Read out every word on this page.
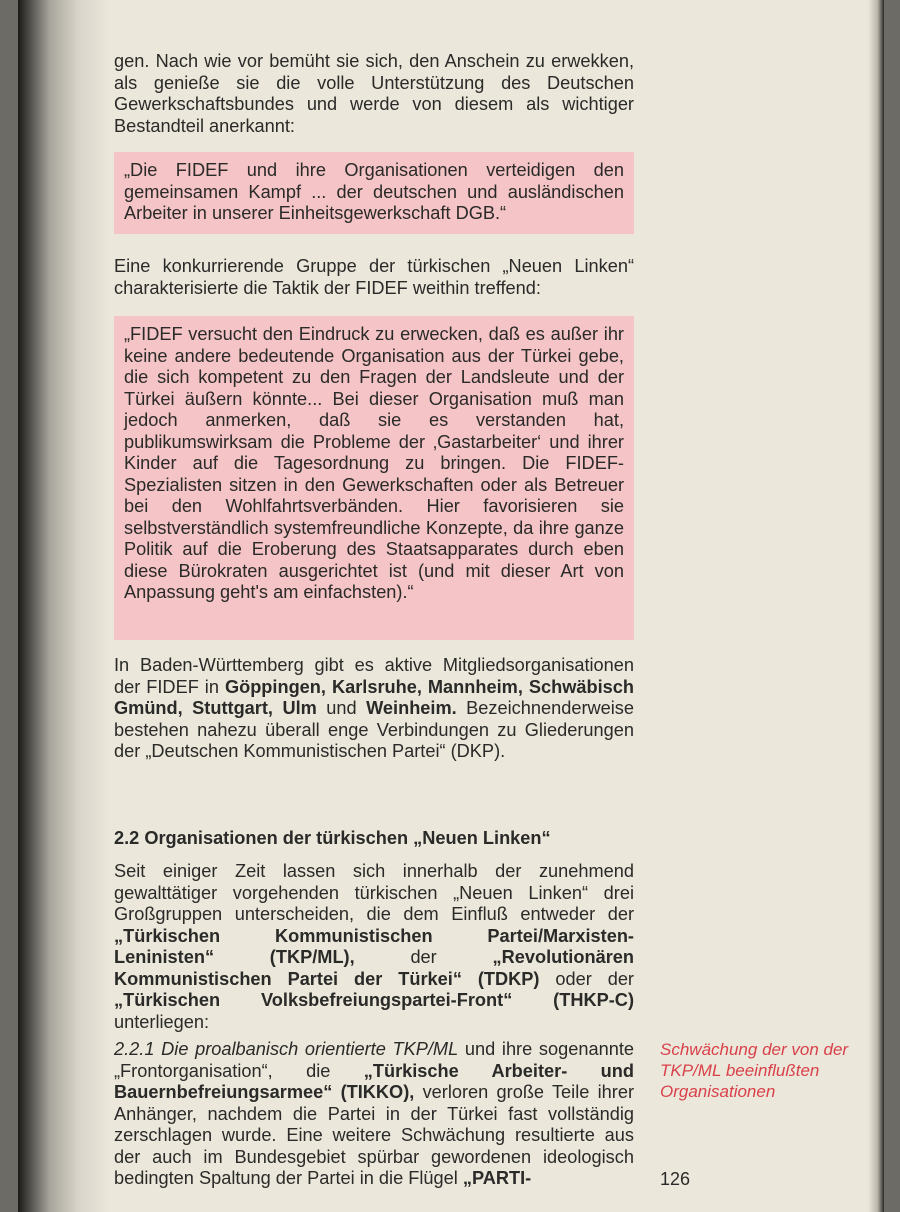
gen. Nach wie vor bemüht sie sich, den Anschein zu erwekken, als genieße sie die volle Unterstützung des Deutschen Gewerkschaftsbundes und werde von diesem als wichtiger Bestandteil anerkannt:

„Die FIDEF und ihre Organisationen verteidigen den gemeinsamen Kampf ... der deutschen und ausländischen Arbeiter in unserer Einheitsgewerkschaft DGB.“

Eine konkurrierende Gruppe der türkischen „Neuen Linken“ charakterisierte die Taktik der FIDEF weithin treffend:

„FIDEF versucht den Eindruck zu erwecken, daß es außer ihr keine andere bedeutende Organisation aus der Türkei gebe, die sich kompetent zu den Fragen der Landsleute und der Türkei äußern könnte... Bei dieser Organisation muß man jedoch anmerken, daß sie es verstanden hat, publikumswirksam die Probleme der ‚Gastarbeiter‘ und ihrer Kinder auf die Tagesordnung zu bringen. Die FIDEF-Spezialisten sitzen in den Gewerkschaften oder als Betreuer bei den Wohlfahrtsverbänden. Hier favorisieren sie selbstverständlich systemfreundliche Konzepte, da ihre ganze Politik auf die Eroberung des Staatsapparates durch eben diese Bürokraten ausgerichtet ist (und mit dieser Art von Anpassung geht's am einfachsten).“

In Baden-Württemberg gibt es aktive Mitgliedsorganisationen der FIDEF in Göppingen, Karlsruhe, Mannheim, Schwäbisch Gmünd, Stuttgart, Ulm und Weinheim. Bezeichnenderweise bestehen nahezu überall enge Verbindungen zu Gliederungen der „Deutschen Kommunistischen Partei“ (DKP).

2.2 Organisationen der türkischen „Neuen Linken“

Seit einiger Zeit lassen sich innerhalb der zunehmend gewalttätiger vorgehenden türkischen „Neuen Linken“ drei Großgruppen unterscheiden, die dem Einfluß entweder der „Türkischen Kommunistischen Partei/Marxisten-Leninisten“ (TKP/ML), der „Revolutionären Kommunistischen Partei der Türkei“ (TDKP) oder der „Türkischen Volksbefreiungspartei-Front“ (THKP-C) unterliegen:

2.2.1 Die proalbanisch orientierte TKP/ML und ihre sogenannte „Frontorganisation“, die „Türkische Arbeiter- und Bauernbefreiungsarmee“ (TIKKO), verloren große Teile ihrer Anhänger, nachdem die Partei in der Türkei fast vollständig zerschlagen wurde. Eine weitere Schwächung resultierte aus der auch im Bundesgebiet spürbar gewordenen ideologisch bedingten Spaltung der Partei in die Flügel „PARTI-

Schwächung der von der TKP/ML beeinflußten Organisationen

126
